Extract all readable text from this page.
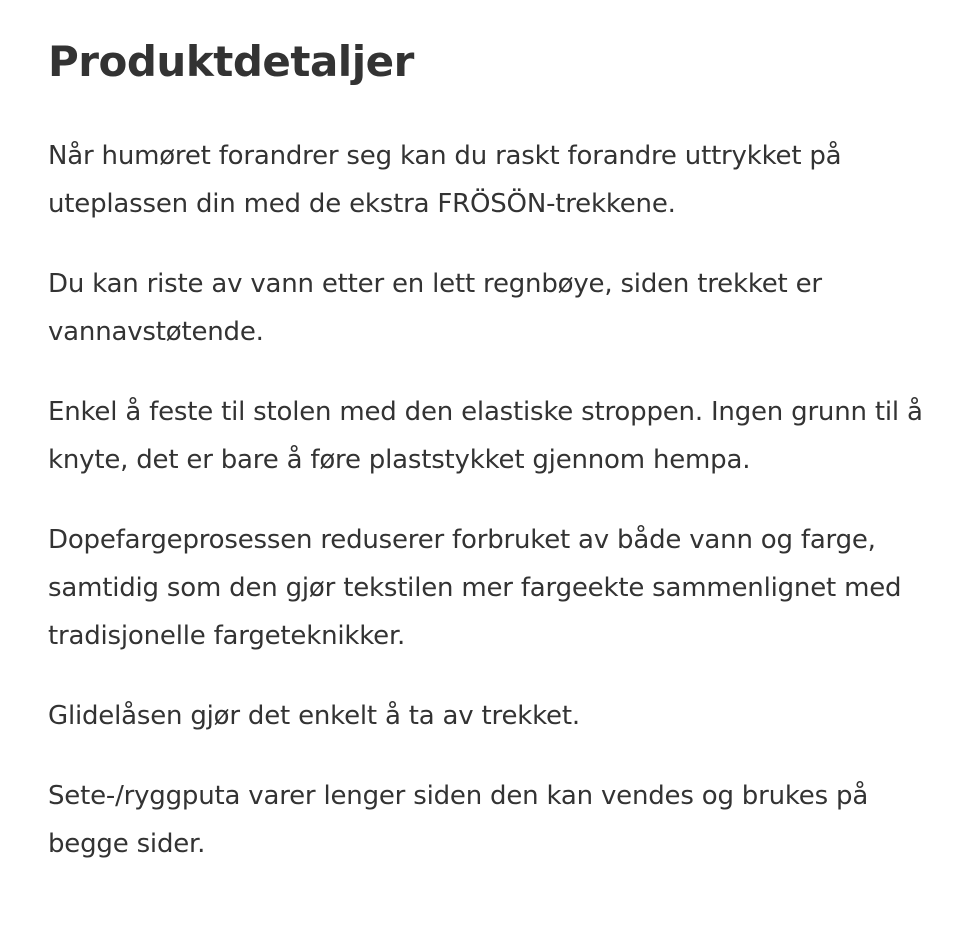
Produktdetaljer

Når humøret forandrer seg kan du raskt forandre uttrykket på uteplassen din med de ekstra FRÖSÖN-trekkene.

Du kan riste av vann etter en lett regnbøye, siden trekket er vannavstøtende.

Enkel å feste til stolen med den elastiske stroppen. Ingen grunn til å knyte, det er bare å føre plaststykket gjennom hempa.

Dopefargeprosessen reduserer forbruket av både vann og farge, samtidig som den gjør tekstilen mer fargeekte sammenlignet med tradisjonelle fargeteknikker.

Glidelåsen gjør det enkelt å ta av trekket.

Sete-/ryggputa varer lenger siden den kan vendes og brukes på begge sider.
